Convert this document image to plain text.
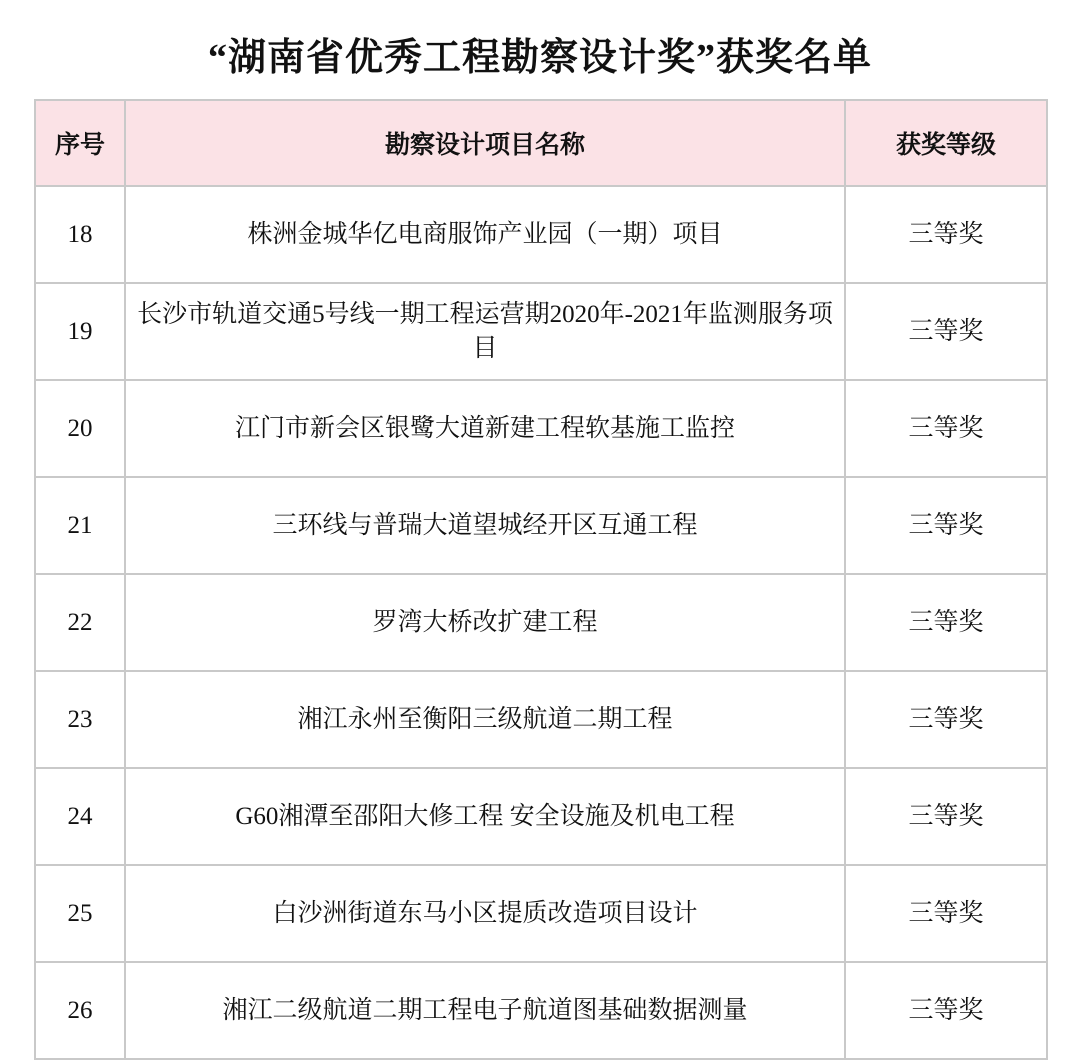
“湖南省优秀工程勘察设计奖”获奖名单
序号	勘察设计项目名称	获奖等级
18	株洲金城华亿电商服饰产业园（一期）项目	三等奖
19	长沙市轨道交通5号线一期工程运营期2020年-2021年监测服务项目	三等奖
20	江门市新会区银鹭大道新建工程软基施工监控	三等奖
21	三环线与普瑞大道望城经开区互通工程	三等奖
22	罗湾大桥改扩建工程	三等奖
23	湘江永州至衡阳三级航道二期工程	三等奖
24	G60湘潭至邵阳大修工程 安全设施及机电工程	三等奖
25	白沙洲街道东马小区提质改造项目设计	三等奖
26	湘江二级航道二期工程电子航道图基础数据测量	三等奖
